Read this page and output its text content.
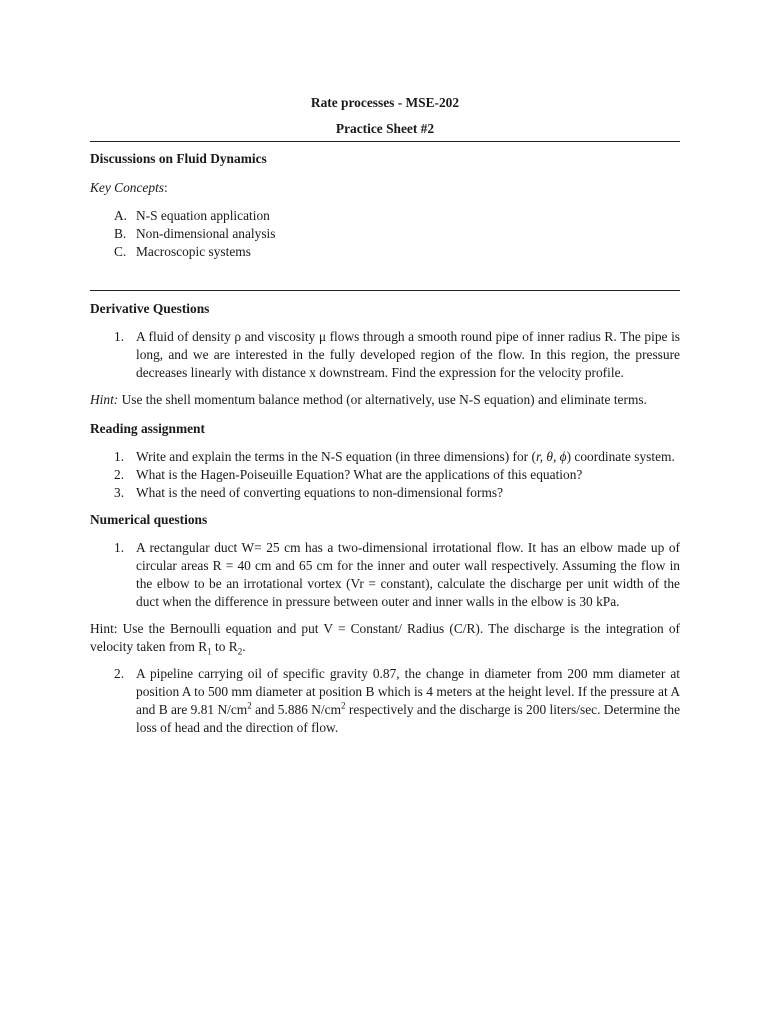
Rate processes - MSE-202
Practice Sheet #2
Discussions on Fluid Dynamics
Key Concepts:
A. N-S equation application
B. Non-dimensional analysis
C. Macroscopic systems
Derivative Questions
1. A fluid of density ρ and viscosity μ flows through a smooth round pipe of inner radius R. The pipe is long, and we are interested in the fully developed region of the flow. In this region, the pressure decreases linearly with distance x downstream. Find the expression for the velocity profile.
Hint: Use the shell momentum balance method (or alternatively, use N-S equation) and eliminate terms.
Reading assignment
1. Write and explain the terms in the N-S equation (in three dimensions) for (r, θ, ϕ) coordinate system.
2. What is the Hagen-Poiseuille Equation? What are the applications of this equation?
3. What is the need of converting equations to non-dimensional forms?
Numerical questions
1. A rectangular duct W= 25 cm has a two-dimensional irrotational flow. It has an elbow made up of circular areas R = 40 cm and 65 cm for the inner and outer wall respectively. Assuming the flow in the elbow to be an irrotational vortex (Vr = constant), calculate the discharge per unit width of the duct when the difference in pressure between outer and inner walls in the elbow is 30 kPa.
Hint: Use the Bernoulli equation and put V = Constant/ Radius (C/R). The discharge is the integration of velocity taken from $R_1$ to $R_2$.
2. A pipeline carrying oil of specific gravity 0.87, the change in diameter from 200 mm diameter at position A to 500 mm diameter at position B which is 4 meters at the height level. If the pressure at A and B are 9.81 $N/cm^2$ and 5.886 $N/cm^2$ respectively and the discharge is 200 liters/sec. Determine the loss of head and the direction of flow.
